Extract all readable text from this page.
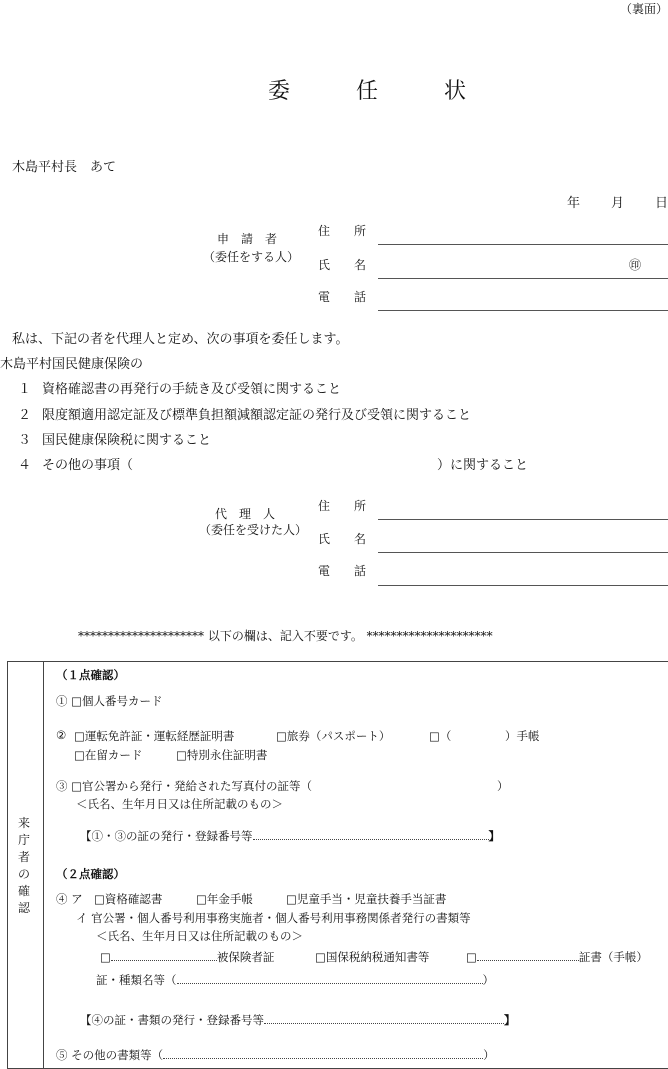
（裏面）
委　任　状
木島平村長　あて
年 月 日
申　請　者
（委任をする人）
住　　所
氏　　名	㊞
電　　話
私は、下記の者を代理人と定め、次の事項を委任します。
木島平村国民健康保険の
１ 資格確認書の再発行の手続き及び受領に関すること
２ 限度額適用認定証及び標準負担額減額認定証の発行及び受領に関すること
３ 国民健康保険税に関すること
４ その他の事項（	）に関すること
代　理　人
（委任を受けた人）
住　　所
氏　　名
電　　話
********************* 以下の欄は、記入不要です。 *********************
来
庁
者
の
確
認
（１点確認）
① □個人番号カード
② □運転免許証・運転経歴証明書	□旅券（パスポート）	□（	）手帳
□在留カード	□特別永住証明書
③ □官公署から発行・発給された写真付の証等（	）
＜氏名、生年月日又は住所記載のもの＞
【①・③の証の発行・登録番号等	】
（２点確認）
④ ア □資格確認書	□年金手帳	□児童手当・児童扶養手当証書
イ 官公署・個人番号利用事務実施者・個人番号利用事務関係者発行の書類等
＜氏名、生年月日又は住所記載のもの＞
□	被保険者証	□国保税納税通知書等	□	証書（手帳）
証・種類名等（	）
【④の証・書類の発行・登録番号等	】
⑤ その他の書類等（	）
